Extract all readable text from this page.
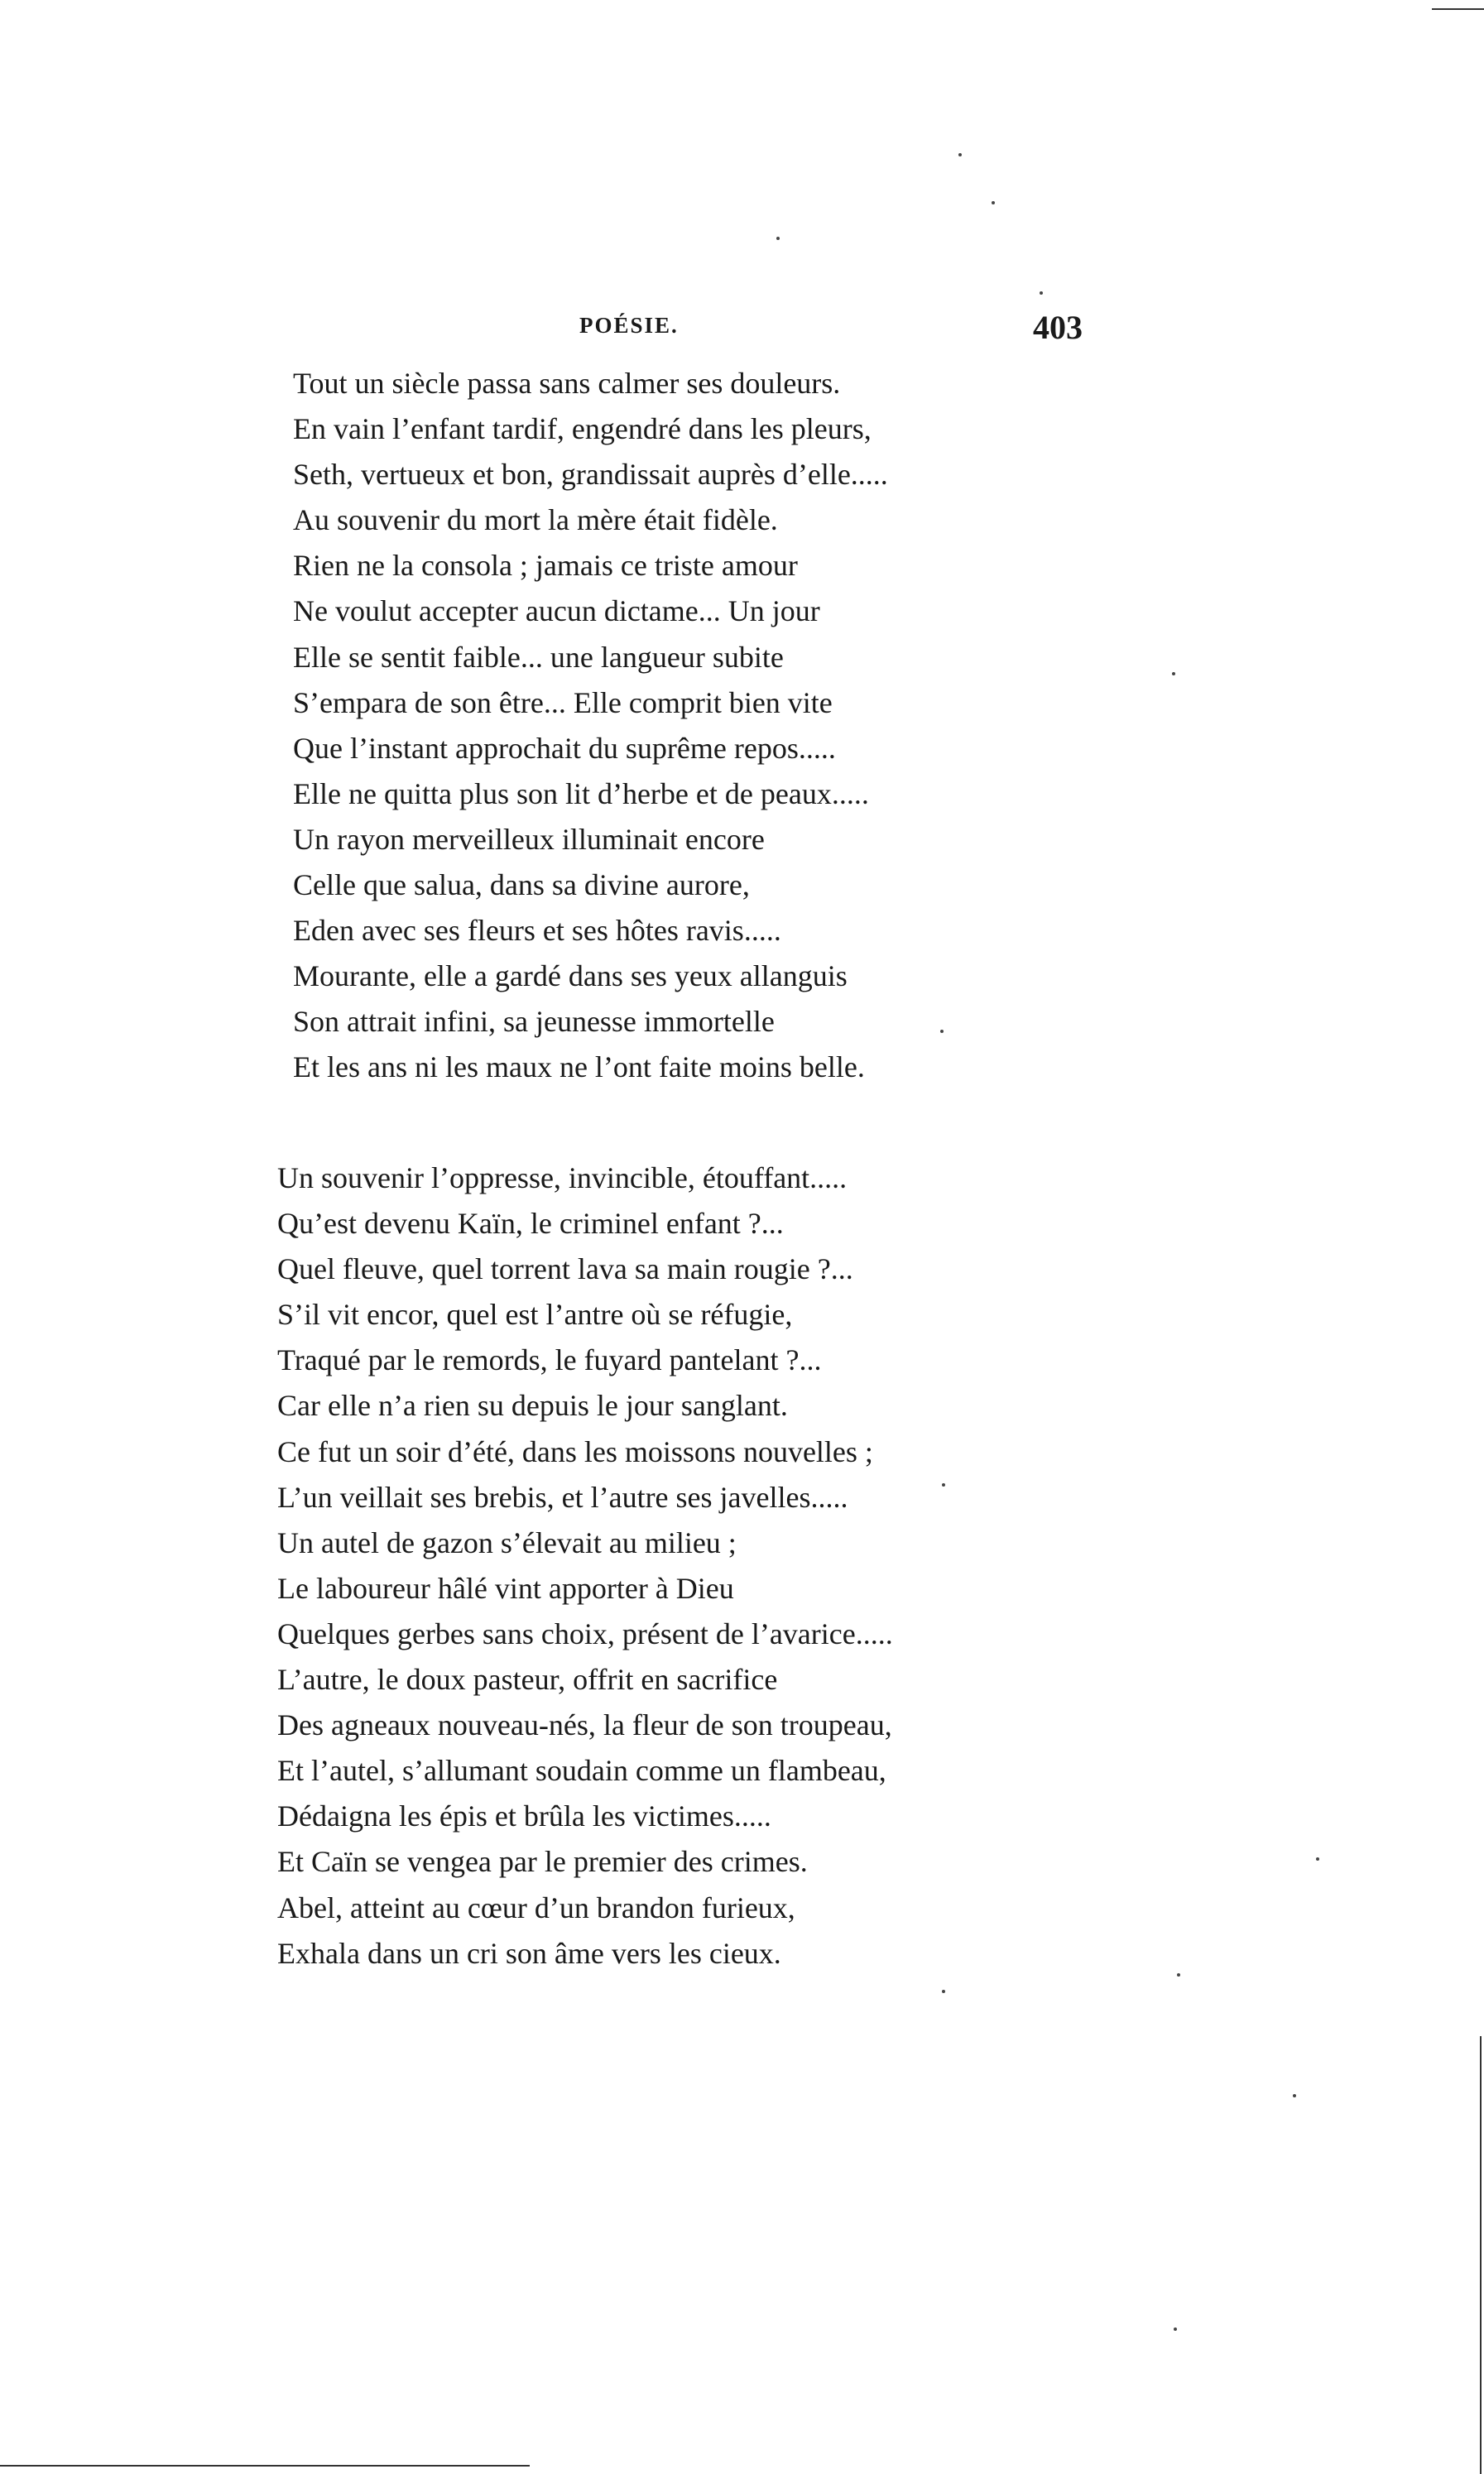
POÉSIE.	403
Tout un siècle passa sans calmer ses douleurs.
En vain l’enfant tardif, engendré dans les pleurs,
Seth, vertueux et bon, grandissait auprès d’elle.....
Au souvenir du mort la mère était fidèle.
Rien ne la consola ; jamais ce triste amour
Ne voulut accepter aucun dictame... Un jour
Elle se sentit faible... une langueur subite
S’empara de son être... Elle comprit bien vite
Que l’instant approchait du suprême repos.....
Elle ne quitta plus son lit d’herbe et de peaux.....
Un rayon merveilleux illuminait encore
Celle que salua, dans sa divine aurore,
Eden avec ses fleurs et ses hôtes ravis.....
Mourante, elle a gardé dans ses yeux allanguis
Son attrait infini, sa jeunesse immortelle
Et les ans ni les maux ne l’ont faite moins belle.
Un souvenir l’oppresse, invincible, étouffant.....
Qu’est devenu Kaïn, le criminel enfant ?...
Quel fleuve, quel torrent lava sa main rougie ?...
S’il vit encor, quel est l’antre où se réfugie,
Traqué par le remords, le fuyard pantelant ?...
Car elle n’a rien su depuis le jour sanglant.
Ce fut un soir d’été, dans les moissons nouvelles ;
L’un veillait ses brebis, et l’autre ses javelles.....
Un autel de gazon s’élevait au milieu ;
Le laboureur hâlé vint apporter à Dieu
Quelques gerbes sans choix, présent de l’avarice.....
L’autre, le doux pasteur, offrit en sacrifice
Des agneaux nouveau-nés, la fleur de son troupeau,
Et l’autel, s’allumant soudain comme un flambeau,
Dédaigna les épis et brûla les victimes.....
Et Caïn se vengea par le premier des crimes.
Abel, atteint au cœur d’un brandon furieux,
Exhala dans un cri son âme vers les cieux.
